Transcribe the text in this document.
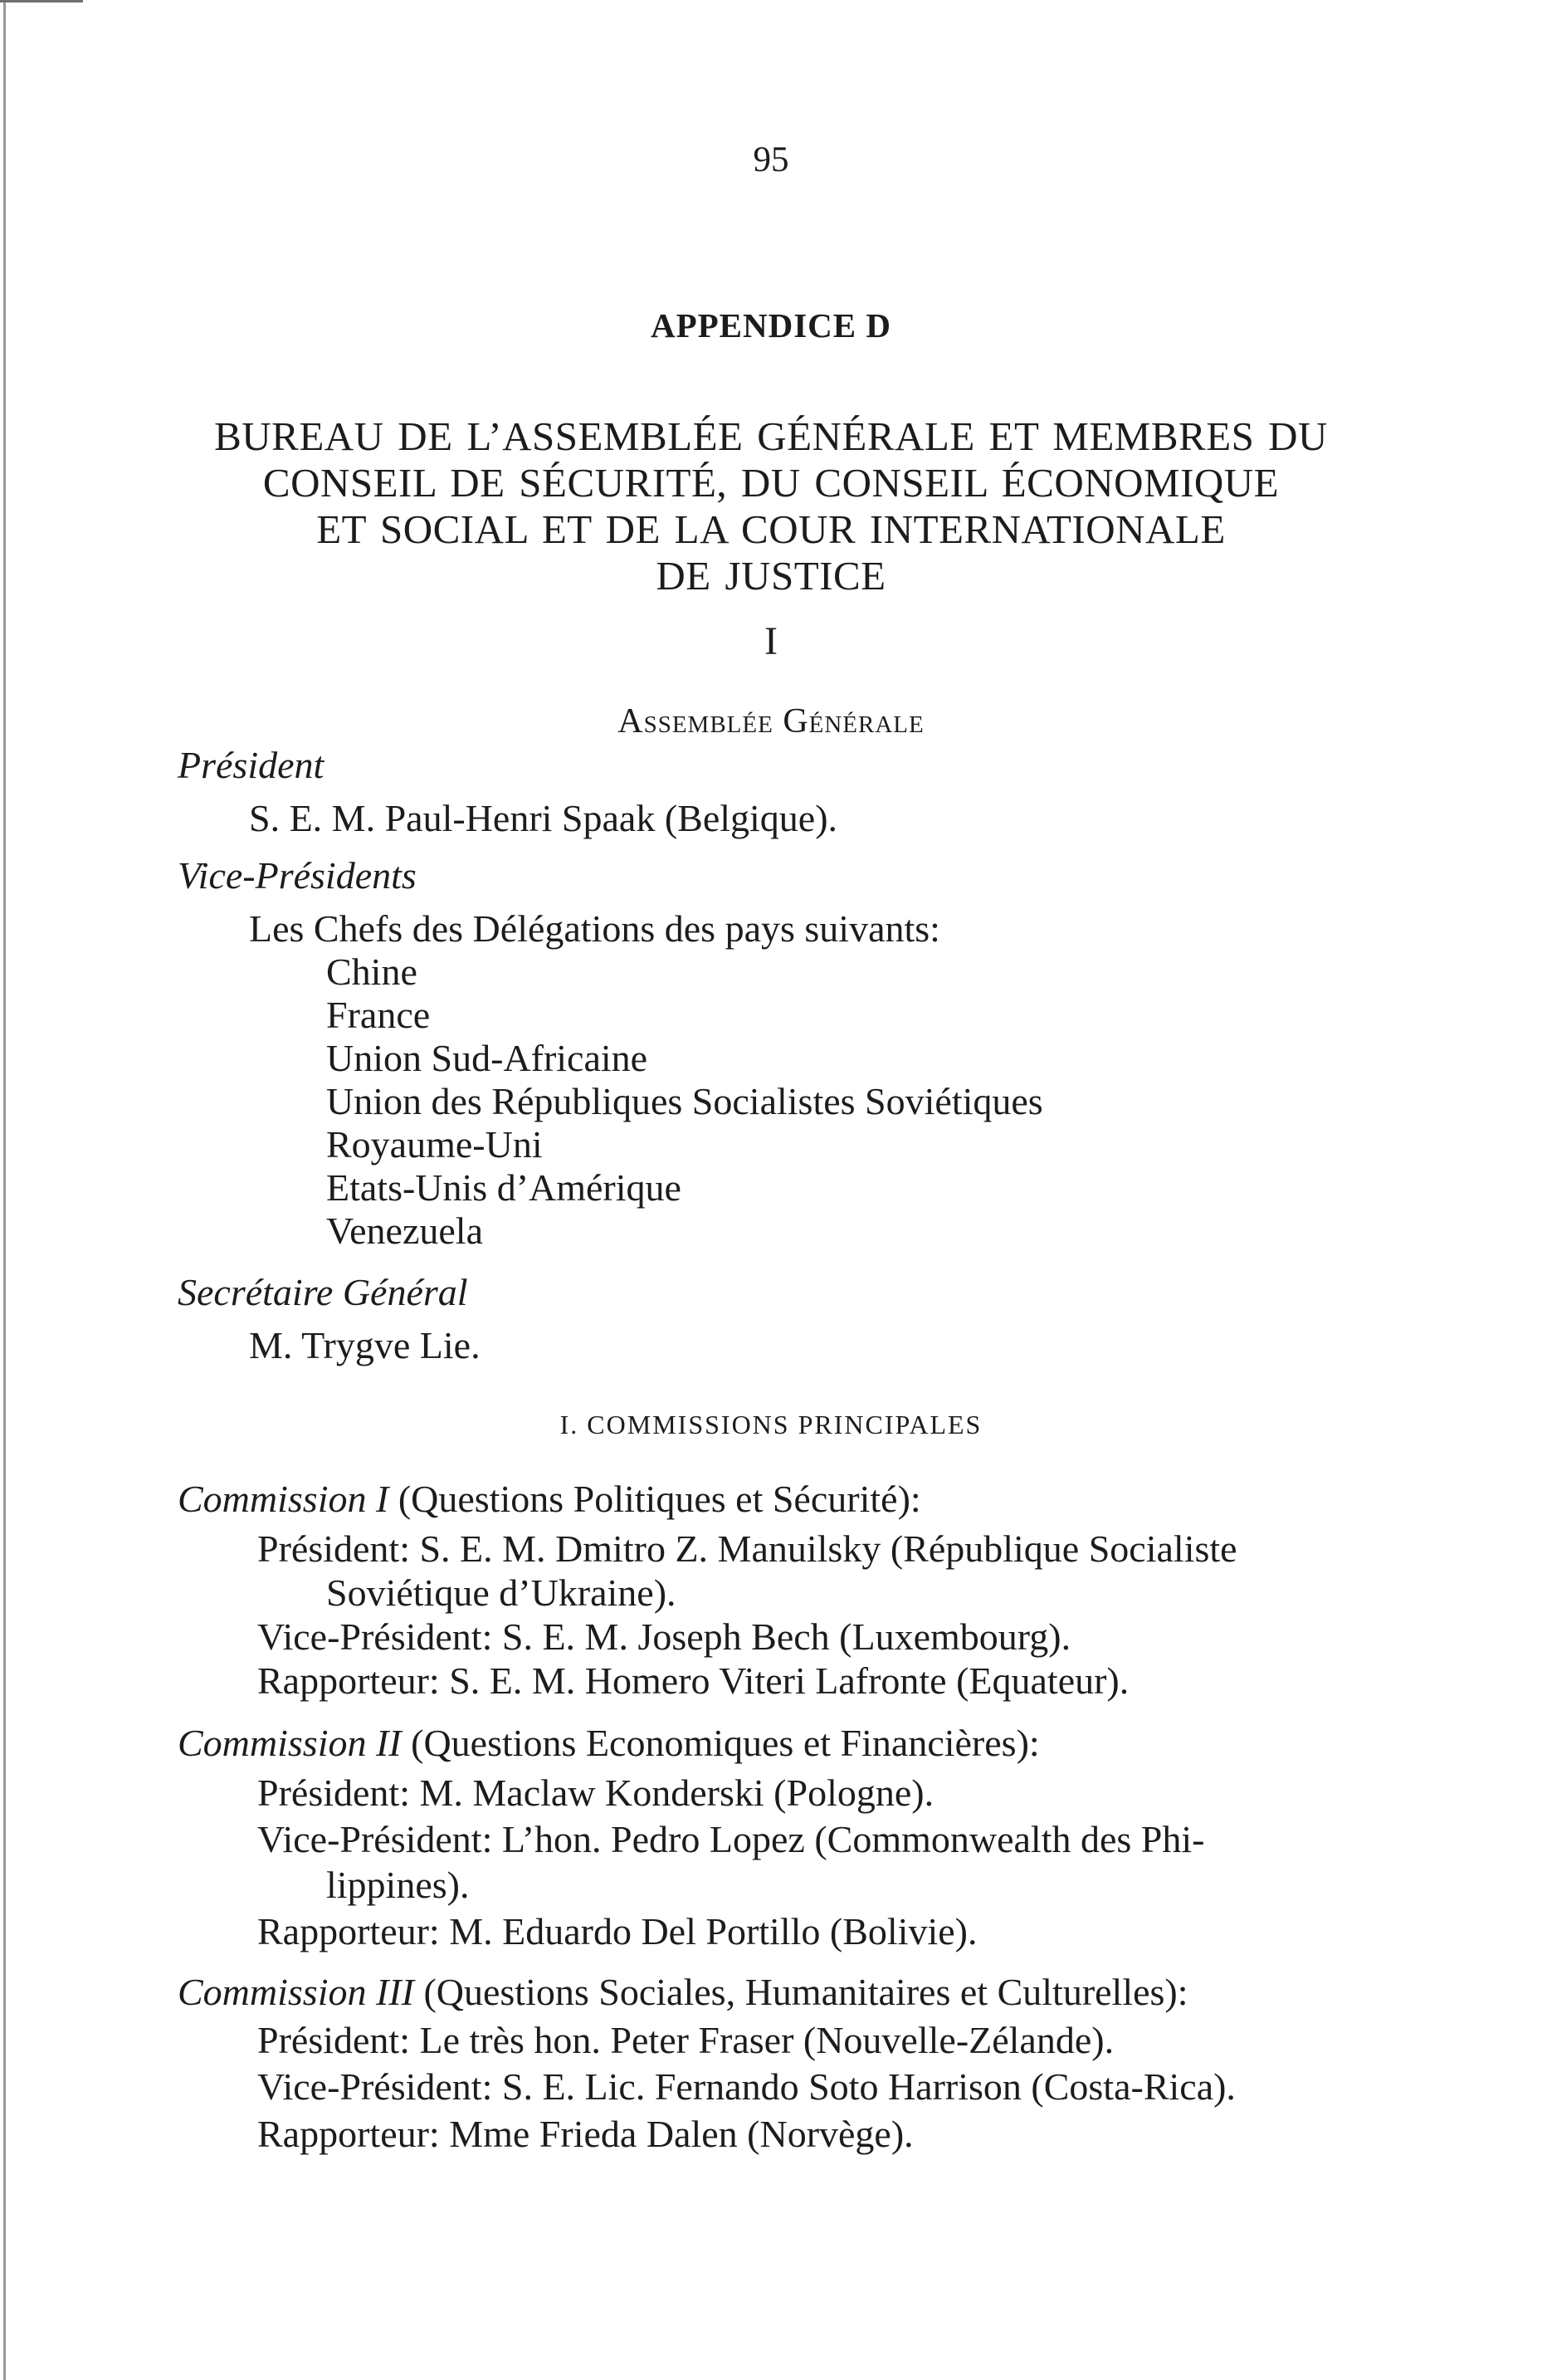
95

APPENDICE D

BUREAU DE L’ASSEMBLÉE GÉNÉRALE ET MEMBRES DU
CONSEIL DE SÉCURITÉ, DU CONSEIL ÉCONOMIQUE
ET SOCIAL ET DE LA COUR INTERNATIONALE
DE JUSTICE

I

Assemblée Générale

Président

S. E. M. Paul-Henri Spaak (Belgique).

Vice-Présidents

Les Chefs des Délégations des pays suivants:

Chine
France
Union Sud-Africaine
Union des Républiques Socialistes Soviétiques
Royaume-Uni
Etats-Unis d’Amérique
Venezuela

Secrétaire Général

M. Trygve Lie.

I. COMMISSIONS PRINCIPALES

Commission I (Questions Politiques et Sécurité):

Président: S. E. M. Dmitro Z. Manuilsky (République Socialiste

Soviétique d’Ukraine).

Vice-Président: S. E. M. Joseph Bech (Luxembourg).

Rapporteur: S. E. M. Homero Viteri Lafronte (Equateur).

Commission II (Questions Economiques et Financières):

Président: M. Maclaw Konderski (Pologne).

Vice-Président: L’hon. Pedro Lopez (Commonwealth des Phi-

lippines).

Rapporteur: M. Eduardo Del Portillo (Bolivie).

Commission III (Questions Sociales, Humanitaires et Culturelles):

Président: Le très hon. Peter Fraser (Nouvelle-Zélande).

Vice-Président: S. E. Lic. Fernando Soto Harrison (Costa-Rica).

Rapporteur: Mme Frieda Dalen (Norvège).
